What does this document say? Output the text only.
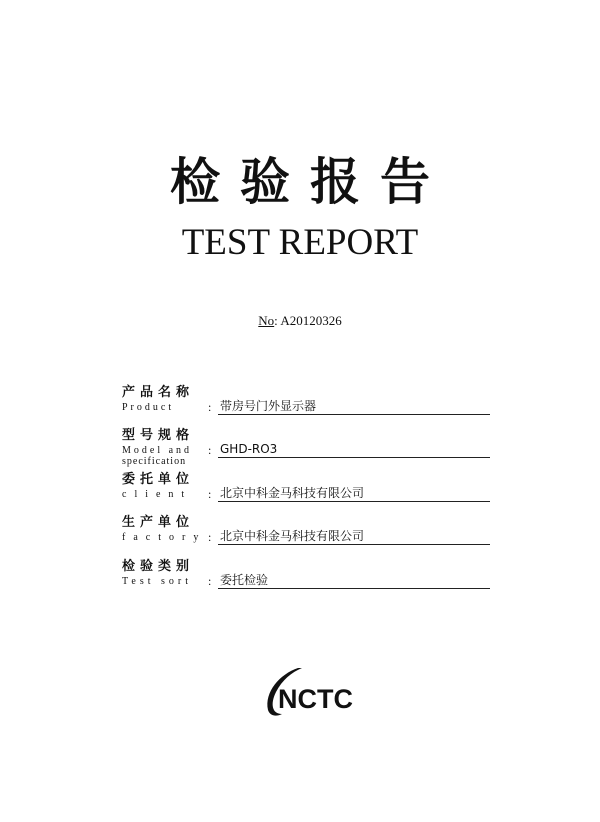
检验报告
TEST REPORT
No: A20120326
产品名称
Product	: 带房号门外显示器
型号规格
Model and
specification
: GHD-RO3
委托单位
client : 北京中科金马科技有限公司
生产单位
factory : 北京中科金马科技有限公司
检验类别
Test sort : 委托检验
NCTC
